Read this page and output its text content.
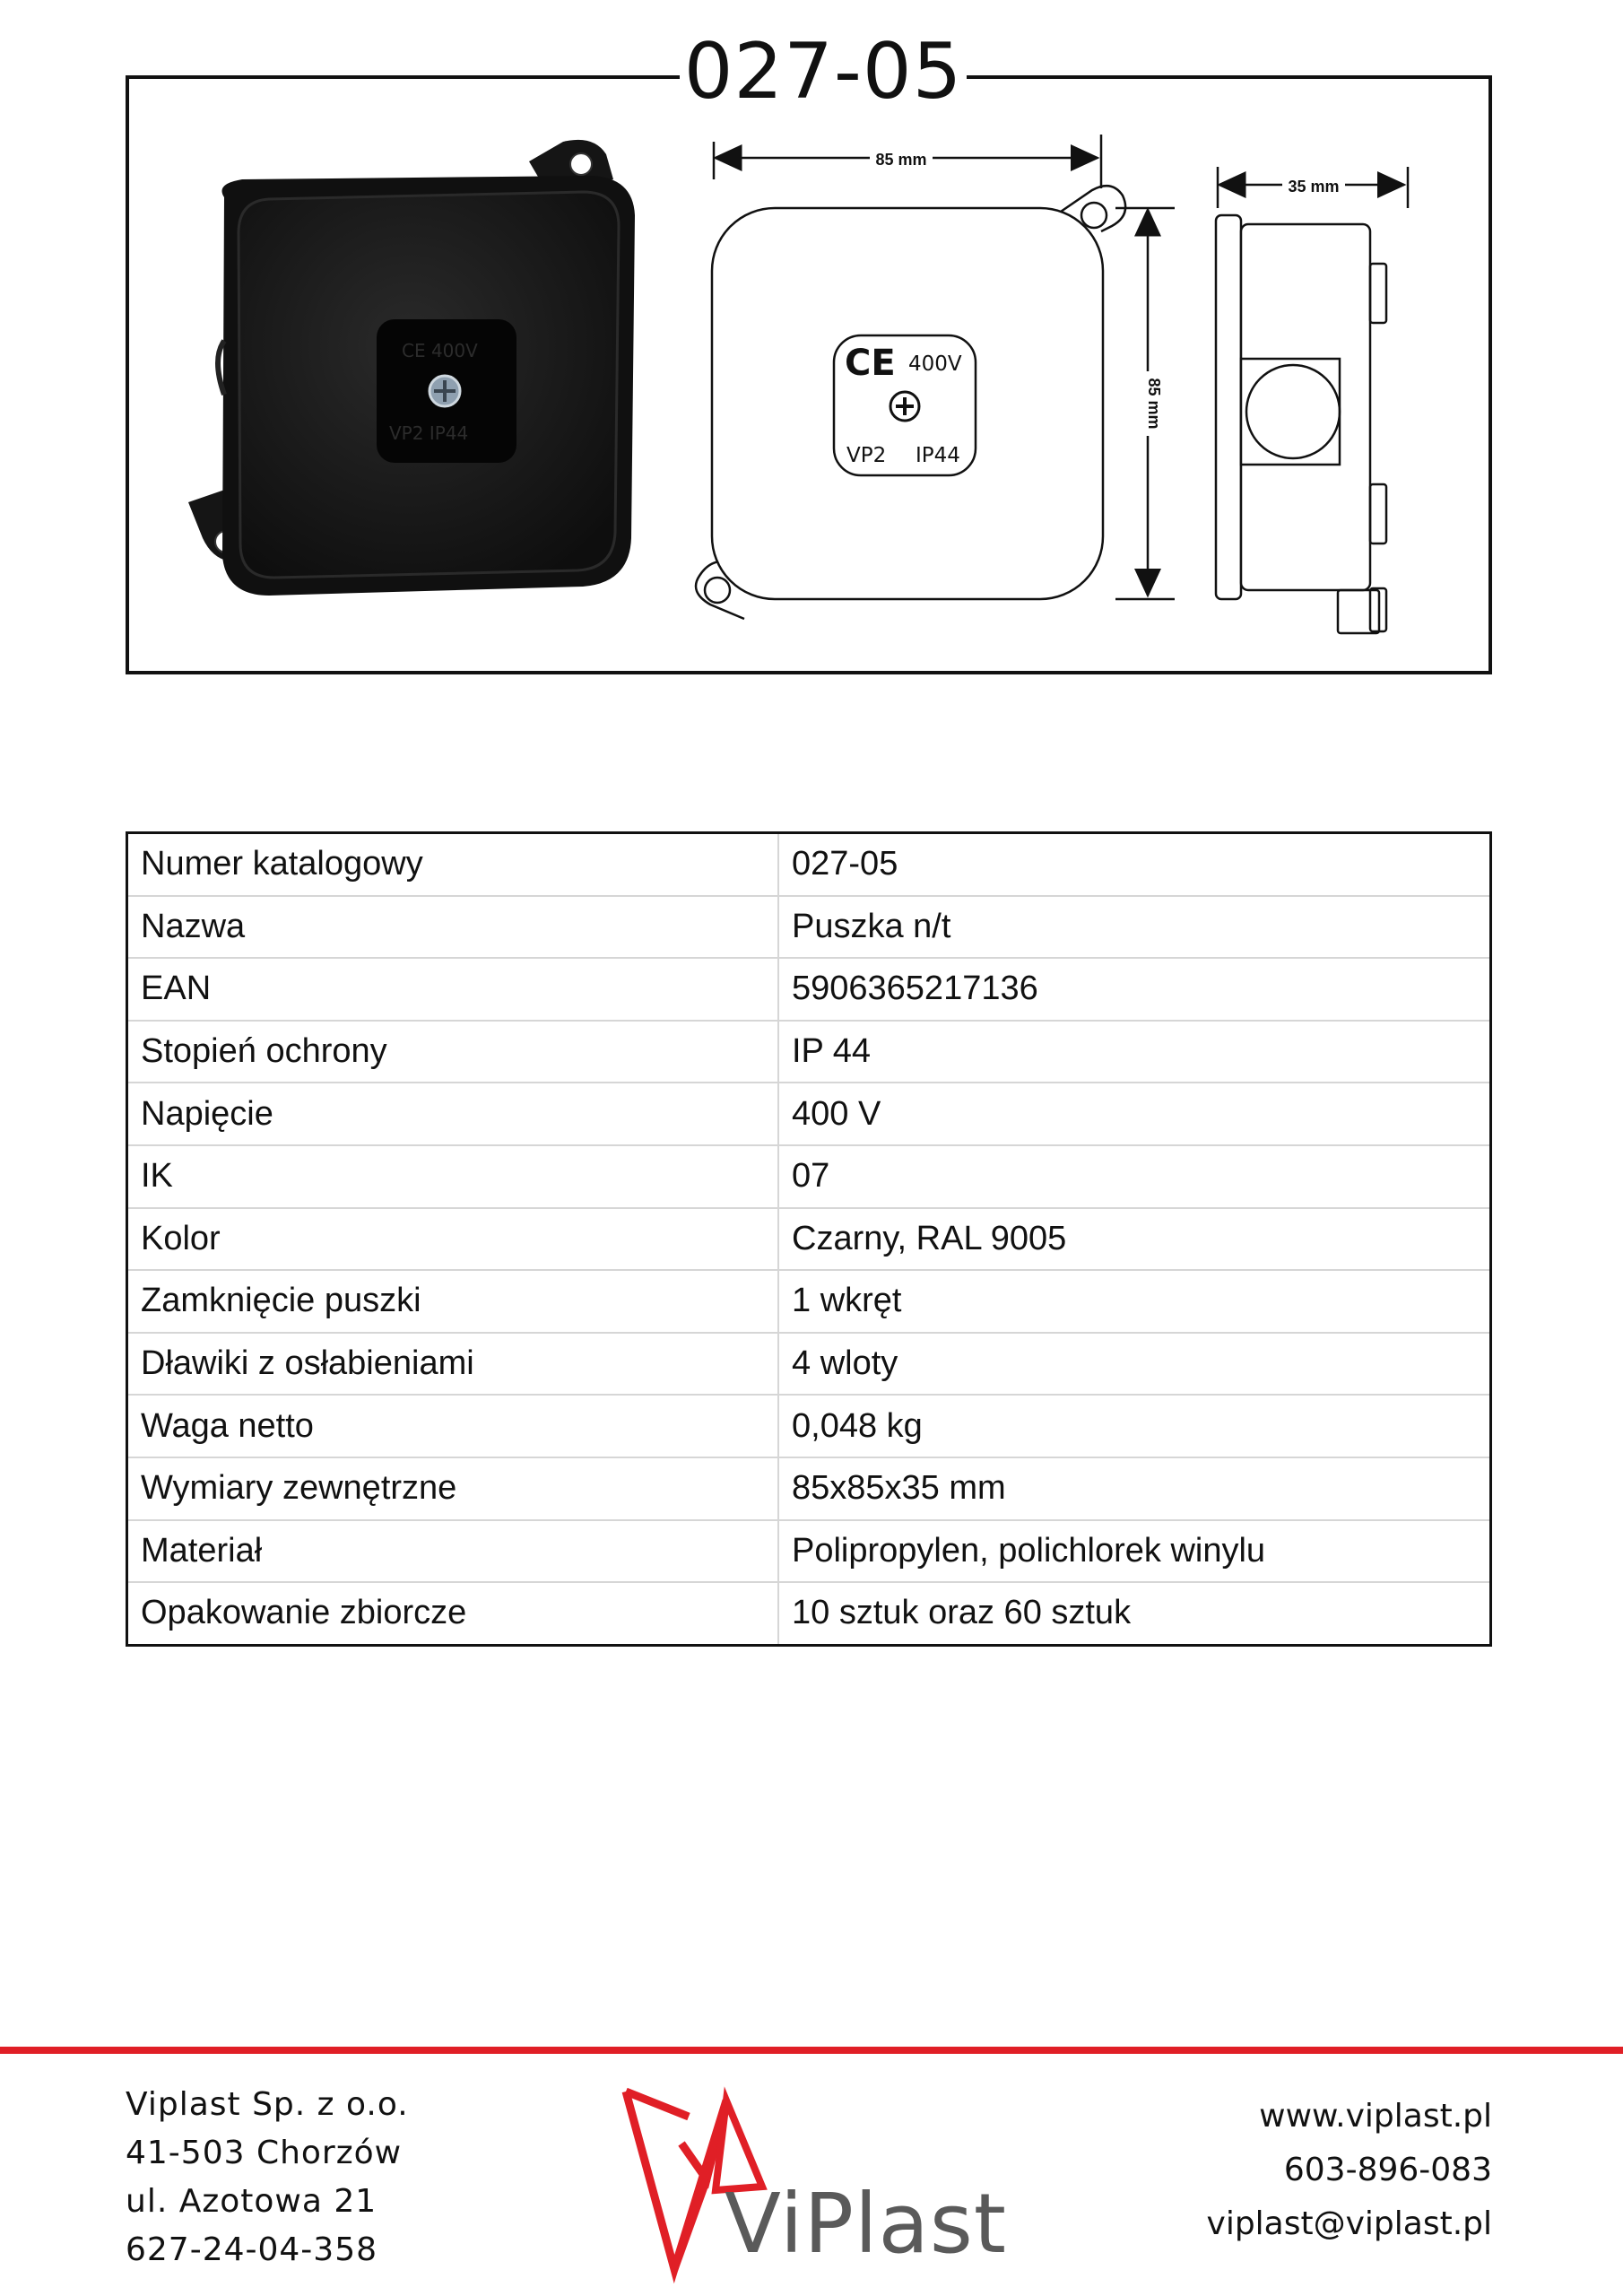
027-05
CE 400V
VP2 IP44
85 mm
85 mm
CE 400V
VP2 IP44
35 mm
Numer katalogowy	027-05
Nazwa	Puszka n/t
EAN	5906365217136
Stopień ochrony	IP 44
Napięcie	400 V
IK	07
Kolor	Czarny, RAL 9005
Zamknięcie puszki	1 wkręt
Dławiki z osłabieniami	4 wloty
Waga netto	0,048 kg
Wymiary zewnętrzne	85x85x35 mm
Materiał	Polipropylen, polichlorek winylu
Opakowanie zbiorcze	10 sztuk oraz 60 sztuk
Viplast Sp. z o.o.
41-503 Chorzów
ul. Azotowa 21
627-24-04-358	ViPlast
www.viplast.pl
603-896-083
viplast@viplast.pl
